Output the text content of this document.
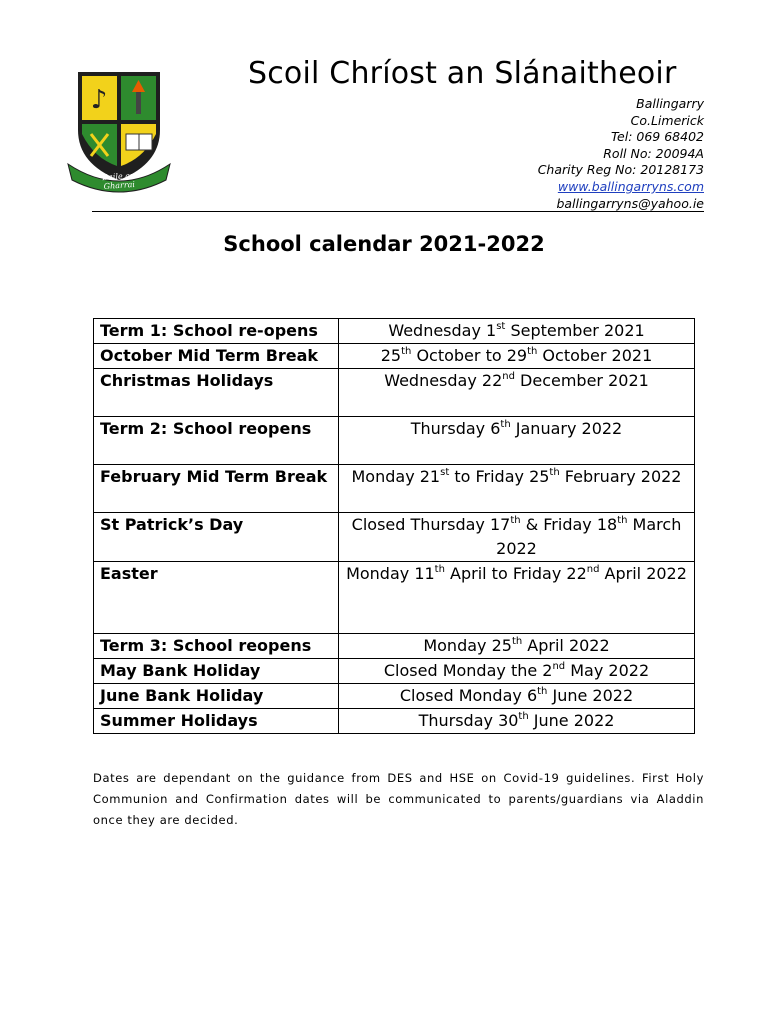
♪
Baile an Gharrai
Scoil Chríost an Slánaitheoir
Ballingarry
Co.Limerick
Tel: 069 68402
Roll No: 20094A
Charity Reg No: 20128173
www.ballingarryns.com
ballingarryns@yahoo.ie
School calendar 2021-2022
Term 1: School re-opens	Wednesday 1st September 2021
October Mid Term Break	25th October to 29th October 2021
Christmas Holidays	Wednesday 22nd December 2021
Term 2: School reopens	Thursday 6th January 2022
February Mid Term Break	Monday 21st to Friday 25th February 2022
St Patrick’s Day	Closed Thursday 17th & Friday 18th March 2022
Easter	Monday 11th April to Friday 22nd April 2022
Term 3: School reopens	Monday 25th April 2022
May Bank Holiday	Closed Monday the 2nd May 2022
June Bank Holiday	Closed Monday 6th June 2022
Summer Holidays	Thursday 30th June 2022
Dates are dependant on the guidance from DES and HSE on Covid-19 guidelines. First Holy Communion and Confirmation dates will be communicated to parents/guardians via Aladdin once they are decided.
